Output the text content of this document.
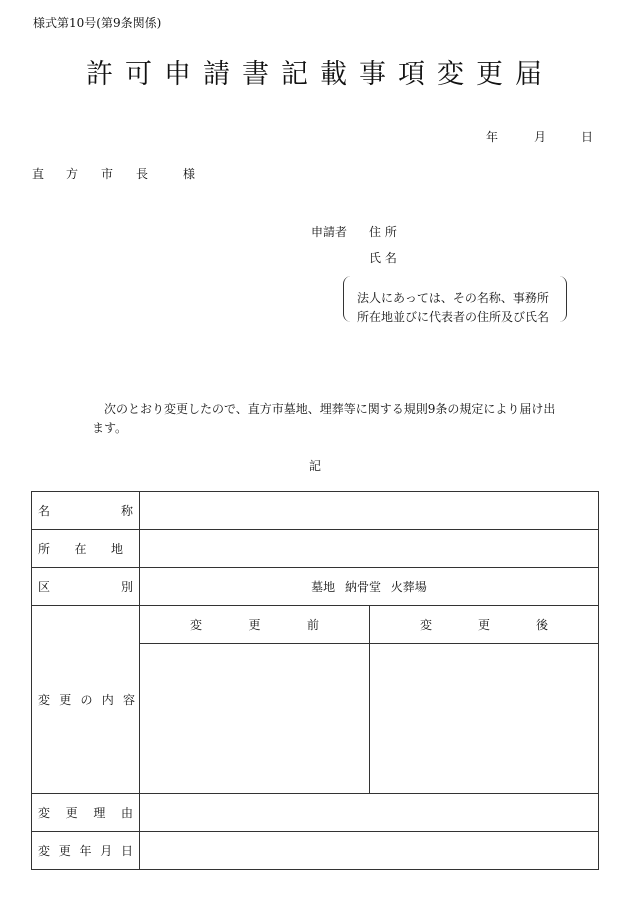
様式第10号(第9条関係)
許可申請書記載事項変更届
年	月	日
直 方 市 長	様
申請者 住 所
氏 名
法人にあっては、その名称、事務所
所在地並びに代表者の住所及び氏名
次のとおり変更したので、直方市墓地、埋葬等に関する規則9条の規定により届け出ます。
記
名 称		

所 在 地		

区 別	墓地 納骨堂 火葬場	

変 更 の 内 容	変 更 前	変 更 後

変 更 理 由		

変 更 年 月 日		
